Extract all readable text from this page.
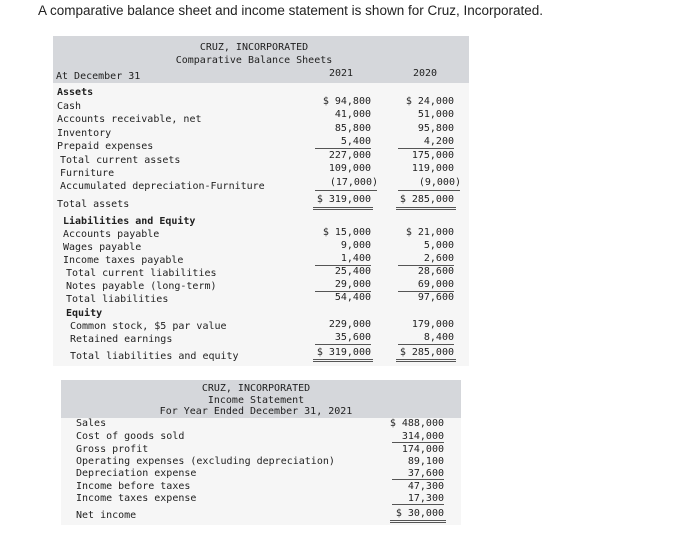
A comparative balance sheet and income statement is shown for Cruz, Incorporated.
CRUZ, INCORPORATED
Comparative Balance Sheets
At December 31	2021	2020
Assets
Cash	$ 94,800	$ 24,000
Accounts receivable, net	41,000	51,000
Inventory	85,800	95,800
Prepaid expenses	5,400	4,200
Total current assets	227,000	175,000
Furniture	109,000	119,000
Accumulated depreciation-Furniture	(17,000)	(9,000)
Total assets	$ 319,000	$ 285,000
Liabilities and Equity
Accounts payable	$ 15,000	$ 21,000
Wages payable	9,000	5,000
Income taxes payable	1,400	2,600
Total current liabilities	25,400	28,600
Notes payable (long-term)	29,000	69,000
Total liabilities	54,400	97,600
Equity
Common stock, $5 par value	229,000	179,000
Retained earnings	35,600	8,400
Total liabilities and equity	$ 319,000	$ 285,000
CRUZ, INCORPORATED
Income Statement
For Year Ended December 31, 2021
Sales	$ 488,000
Cost of goods sold	314,000
Gross profit	174,000
Operating expenses (excluding depreciation)	89,100
Depreciation expense	37,600
Income before taxes	47,300
Income taxes expense	17,300
Net income	$ 30,000
